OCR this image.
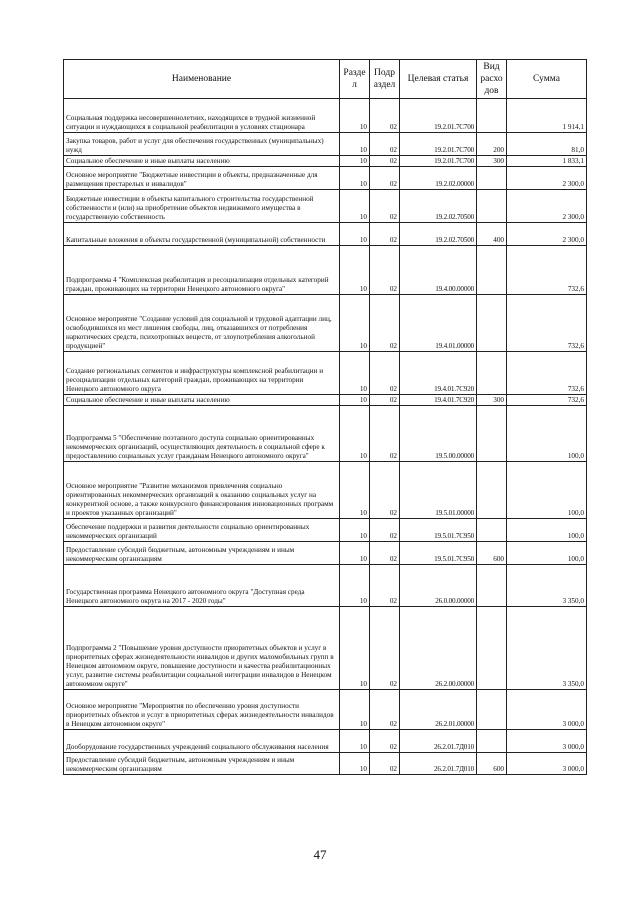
Наименование	Разде л	Подр аздел	Целевая статья	Вид расхо дов	Сумма
Социальная поддержка несовершеннолетних, находящихся в трудной жизненной ситуации и нуждающихся в социальной реабилитации в условиях стационара	10	02	19.2.01.7С700		1 914,1
Закупка товаров, работ и услуг для обеспечения государственных (муниципальных) нужд	10	02	19.2.01.7С700	200	81,0
Социальное обеспечение и иные выплаты населению	10	02	19.2.01.7С700	300	1 833,1
Основное мероприятие "Бюджетные инвестиции в объекты, предназначенные для размещения престарелых и инвалидов"	10	02	19.2.02.00000		2 300,0
Бюджетные инвестиции в объекты капитального строительства государственной собственности и (или) на приобретение объектов недвижимого имущества в государственную собственность	10	02	19.2.02.70500		2 300,0
Капитальные вложения в объекты государственной (муниципальной) собственности	10	02	19.2.02.70500	400	2 300,0
Подпрограмма 4 "Комплексная реабилитация и ресоциализация отдельных категорий граждан, проживающих на территории Ненецкого автономного округа"	10	02	19.4.00.00000		732,6
Основное мероприятие "Создание условий для социальной и трудовой адаптации лиц, освободившихся из мест лишения свободы, лиц, отказавшихся от потребления наркотических средств, психотропных веществ, от злоупотребления алкогольной продукцией"	10	02	19.4.01.00000		732,6
Создание региональных сегментов и инфраструктуры комплексной реабилитации и ресоциализации отдельных категорий граждан, проживающих на территории Ненецкого автономного округа	10	02	19.4.01.7С920		732,6
Социальное обеспечение и иные выплаты населению	10	02	19.4.01.7С920	300	732,6
Подпрограмма 5 "Обеспечение поэтапного доступа социально ориентированных некоммерческих организаций, осуществляющих деятельность в социальной сфере к предоставлению социальных услуг гражданам Ненецкого автономного округа"	10	02	19.5.00.00000		100,0
Основное мероприятие "Развитие механизмов привлечения социально ориентированных некоммерческих организаций к оказанию социальных услуг на конкурентной основе, а также конкурсного финансирования инновационных программ и проектов указанных организаций"	10	02	19.5.01.00000		100,0
Обеспечение поддержки и развития деятельности социально ориентированных некоммерческих организаций	10	02	19.5.01.7С950		100,0
Предоставление субсидий бюджетным, автономным учреждениям и иным некоммерческим организациям	10	02	19.5.01.7С950	600	100,0
Государственная программа Ненецкого автономного округа "Доступная среда Ненецкого автономного округа на 2017 - 2020 годы"	10	02	26.0.00.00000		3 350,0
Подпрограмма 2 "Повышение уровня доступности приоритетных объектов и услуг в приоритетных сферах жизнедеятельности инвалидов и других маломобильных групп в Ненецком автономном округе, повышение доступности и качества реабилитационных услуг, развитие системы реабилитации социальной интеграции инвалидов в Ненецком автономном округе"	10	02	26.2.00.00000		3 350,0
Основное мероприятие "Мероприятия по обеспечению уровня доступности приоритетных объектов и услуг в приоритетных сферах жизнедеятельности инвалидов в Ненецком автономном округе"	10	02	26.2.01.00000		3 000,0
Дооборудование государственных учреждений социального обслуживания населения	10	02	26.2.01.7Д010		3 000,0
Предоставление субсидий бюджетным, автономным учреждениям и иным некоммерческим организациям	10	02	26.2.01.7Д010	600	3 000,0
47
